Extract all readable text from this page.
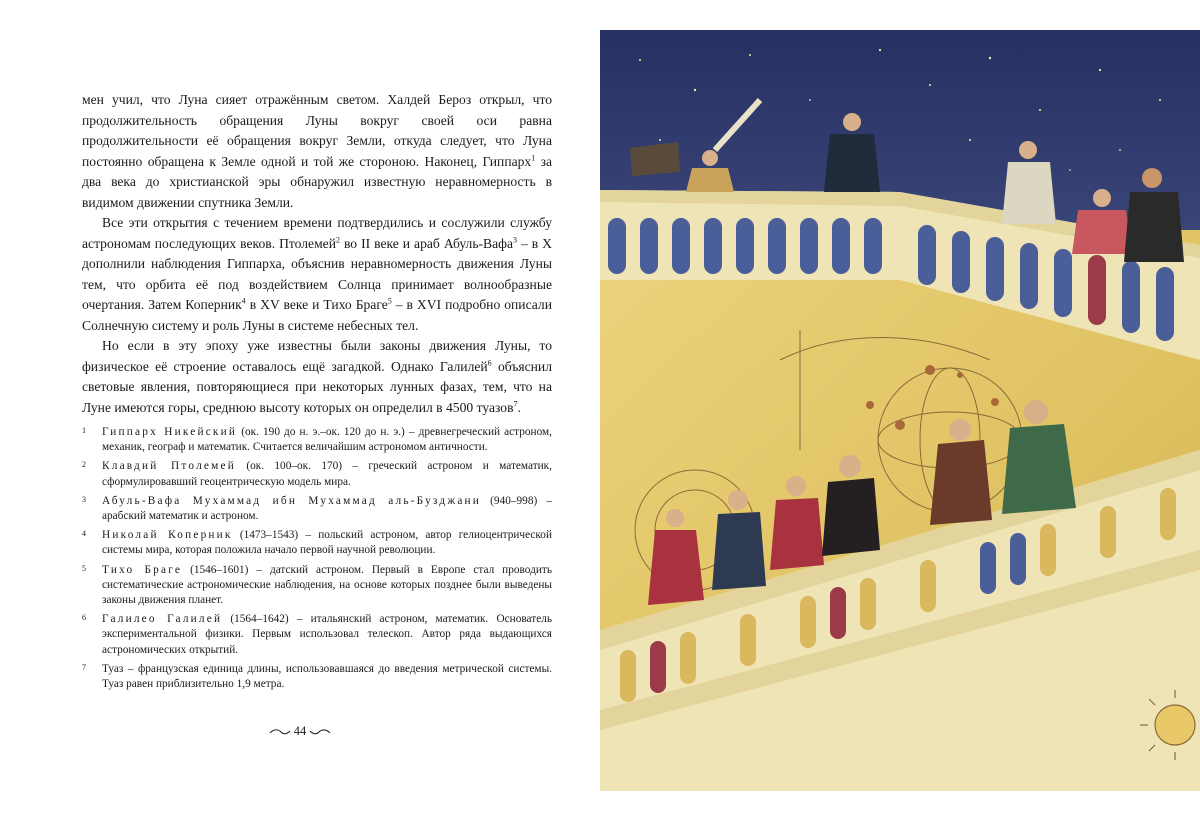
мен учил, что Луна сияет отражённым светом. Халдей Бероз открыл, что продолжительность обращения Луны вокруг своей оси равна продолжительности её обращения вокруг Земли, откуда следует, что Луна постоянно обращена к Земле одной и той же стороною. Наконец, Гиппарх$^1$ за два века до христианской эры обнаружил известную неравномерность в видимом движении спутника Земли.

Все эти открытия с течением времени подтвердились и сослужили службу астрономам последующих веков. Птолемей$^2$ во II веке и араб Абуль-Вафа$^3$ – в X дополнили наблюдения Гиппарха, объяснив неравномерность движения Луны тем, что орбита её под воздействием Солнца принимает волнообразные очертания. Затем Коперник$^4$ в XV веке и Тихо Браге$^5$ – в XVI подробно описали Солнечную систему и роль Луны в системе небесных тел.

Но если в эту эпоху уже известны были законы движения Луны, то физическое её строение оставалось ещё загадкой. Однако Галилей$^6$ объяснил световые явления, повторяющиеся при некоторых лунных фазах, тем, что на Луне имеются горы, среднюю высоту которых он определил в 4500 туазов$^7$.

1 Гиппарх Никейский (ок. 190 до н. э.–ок. 120 до н. э.) – древнегреческий астроном, механик, географ и математик. Считается величайшим астрономом античности.
2 Клавдий Птолемей (ок. 100–ок. 170) – греческий астроном и математик, сформулировавший геоцентрическую модель мира.
3 Абуль-Вафа Мухаммад ибн Мухаммад аль-Бузджани (940–998) – арабский математик и астроном.
4 Николай Коперник (1473–1543) – польский астроном, автор гелиоцентрической системы мира, которая положила начало первой научной революции.
5 Тихо Браге (1546–1601) – датский астроном. Первый в Европе стал проводить систематические астрономические наблюдения, на основе которых позднее были выведены законы движения планет.
6 Галилео Галилей (1564–1642) – итальянский астроном, математик. Основатель экспериментальной физики. Первым использовал телескоп. Автор ряда выдающихся астрономических открытий.
7 Туаз – французская единица длины, использовавшаяся до введения метрической системы. Туаз равен приблизительно 1,9 метра.
44
